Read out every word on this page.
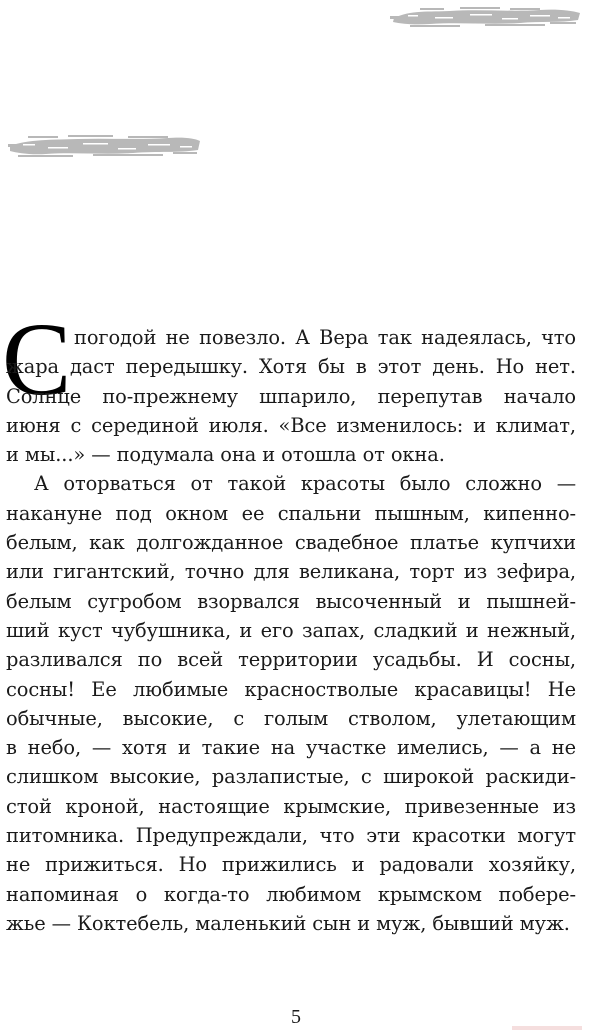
С погодой не повезло. А Вера так надеялась, что
жара даст передышку. Хотя бы в этот день. Но нет.
Солнце по-прежнему шпарило, перепутав начало
июня с серединой июля. «Все изменилось: и климат,
и мы...» — подумала она и отошла от окна.
А оторваться от такой красоты было сложно —
накануне под окном ее спальни пышным, кипенно-
белым, как долгожданное свадебное платье купчихи
или гигантский, точно для великана, торт из зефира,
белым сугробом взорвался высоченный и пышней-
ший куст чубушника, и его запах, сладкий и нежный,
разливался по всей территории усадьбы. И сосны,
сосны! Ее любимые красностволые красавицы! Не
обычные, высокие, с голым стволом, улетающим
в небо, — хотя и такие на участке имелись, — а не
слишком высокие, разлапистые, с широкой раскиди-
стой кроной, настоящие крымские, привезенные из
питомника. Предупреждали, что эти красотки могут
не прижиться. Но прижились и радовали хозяйку,
напоминая о когда-то любимом крымском побере-
жье — Коктебель, маленький сын и муж, бывший муж.
5
